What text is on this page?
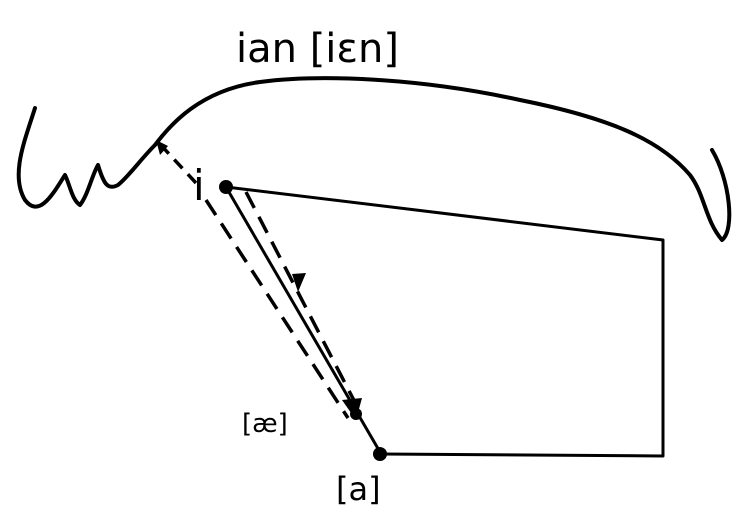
ian [iɛn]
i
[æ]
[a]
